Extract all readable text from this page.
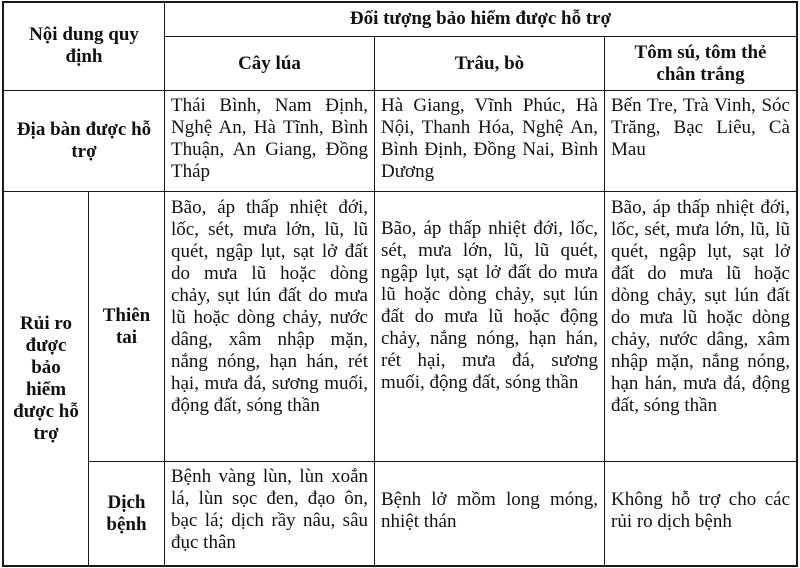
Nội dung quy định
Đối tượng bảo hiểm được hỗ trợ
Cây lúa	Trâu, bò
Tôm sú, tôm thẻ chân trắng
Địa bàn được hỗ trợ
Thái Bình, Nam Định, Nghệ An, Hà Tĩnh, Bình Thuận, An Giang, Đồng Tháp
Hà Giang, Vĩnh Phúc, Hà Nội, Thanh Hóa, Nghệ An, Bình Định, Đồng Nai, Bình Dương
Bến Tre, Trà Vinh, Sóc Trăng, Bạc Liêu, Cà Mau
Rủi ro được bảo hiểm được hỗ trợ
Thiên tai
Bão, áp thấp nhiệt đới, lốc, sét, mưa lớn, lũ, lũ quét, ngập lụt, sạt lở đất do mưa lũ hoặc dòng chảy, sụt lún đất do mưa lũ hoặc dòng chảy, nước dâng, xâm nhập mặn, nắng nóng, hạn hán, rét hại, mưa đá, sương muối, động đất, sóng thần
Bão, áp thấp nhiệt đới, lốc, sét, mưa lớn, lũ, lũ quét, ngập lụt, sạt lở đất do mưa lũ hoặc dòng chảy, sụt lún đất do mưa lũ hoặc động chảy, nắng nóng, hạn hán, rét hại, mưa đá, sương muối, động đất, sóng thần
Bão, áp thấp nhiệt đới, lốc, sét, mưa lớn, lũ, lũ quét, ngập lụt, sạt lở đất do mưa lũ hoặc dòng chảy, sụt lún đất do mưa lũ hoặc dòng chảy, nước dâng, xâm nhập mặn, nắng nóng, hạn hán, mưa đá, động đất, sóng thần
Dịch bệnh
Bệnh vàng lùn, lùn xoắn lá, lùn sọc đen, đạo ôn, bạc lá; dịch rầy nâu, sâu đục thân
Bệnh lở mồm long móng, nhiệt thán
Không hỗ trợ cho các rủi ro dịch bệnh
